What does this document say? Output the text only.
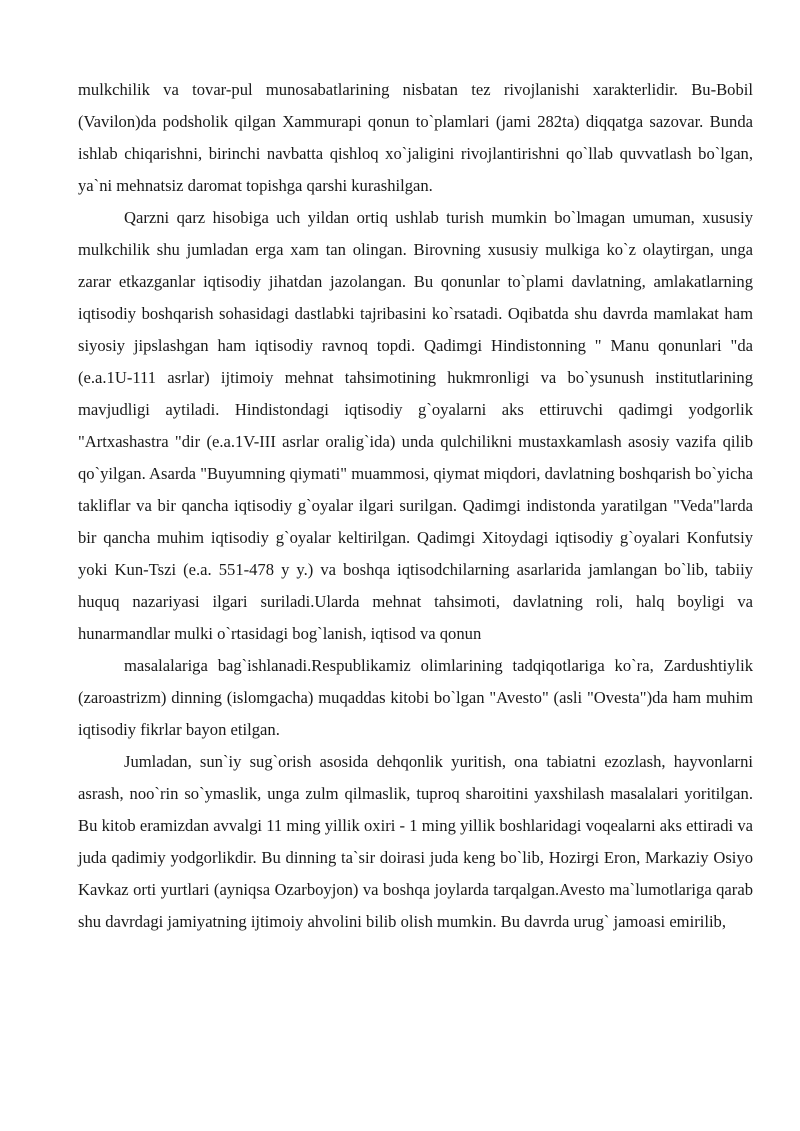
mulkchilik va tovar-pul munosabatlarining nisbatan tez rivojlanishi xarakterlidir. Bu-Bobil (Vavilon)da podsholik qilgan Xammurapi qonun to`plamlari (jami 282ta) diqqatga sazovar. Bunda ishlab chiqarishni, birinchi navbatta qishloq xo`jaligini rivojlantirishni qo`llab quvvatlash bo`lgan, ya`ni mehnatsiz daromat topishga qarshi kurashilgan.

Qarzni qarz hisobiga uch yildan ortiq ushlab turish mumkin bo`lmagan umuman, xususiy mulkchilik shu jumladan erga xam tan olingan. Birovning xususiy mulkiga ko`z olaytirgan, unga zarar etkazganlar iqtisodiy jihatdan jazolangan. Bu qonunlar to`plami davlatning, amlakatlarning iqtisodiy boshqarish sohasidagi dastlabki tajribasini ko`rsatadi. Oqibatda shu davrda mamlakat ham siyosiy jipslashgan ham iqtisodiy ravnoq topdi. Qadimgi Hindistonning " Manu qonunlari "da (e.a.1U-111 asrlar) ijtimoiy mehnat tahsimotining hukmronligi va bo`ysunush institutlarining mavjudligi aytiladi. Hindistondagi iqtisodiy g`oyalarni aks ettiruvchi qadimgi yodgorlik "Artxashastra "dir (e.a.1V-III asrlar oralig`ida) unda qulchilikni mustaxkamlash asosiy vazifa qilib qo`yilgan. Asarda "Buyumning qiymati" muammosi, qiymat miqdori, davlatning boshqarish bo`yicha takliflar va bir qancha iqtisodiy g`oyalar ilgari surilgan. Qadimgi indistonda yaratilgan "Veda"larda bir qancha muhim iqtisodiy g`oyalar keltirilgan. Qadimgi Xitoydagi iqtisodiy g`oyalari Konfutsiy yoki Kun-Tszi (e.a. 551-478 y y.) va boshqa iqtisodchilarning asarlarida jamlangan bo`lib, tabiiy huquq nazariyasi ilgari suriladi.Ularda mehnat tahsimoti, davlatning roli, halq boyligi va hunarmandlar mulki o`rtasidagi bog`lanish, iqtisod va qonun

masalalariga bag`ishlanadi.Respublikamiz olimlarining tadqiqotlariga ko`ra, Zardushtiylik (zaroastrizm) dinning (islomgacha) muqaddas kitobi bo`lgan "Avesto" (asli "Ovesta")da ham muhim iqtisodiy fikrlar bayon etilgan.

Jumladan, sun`iy sug`orish asosida dehqonlik yuritish, ona tabiatni ezozlash, hayvonlarni asrash, noo`rin so`ymaslik, unga zulm qilmaslik, tuproq sharoitini yaxshilash masalalari yoritilgan. Bu kitob eramizdan avvalgi 11 ming yillik oxiri - 1 ming yillik boshlaridagi voqealarni aks ettiradi va juda qadimiy yodgorlikdir. Bu dinning ta`sir doirasi juda keng bo`lib, Hozirgi Eron, Markaziy Osiyo Kavkaz orti yurtlari (ayniqsa Ozarboyjon) va boshqa joylarda tarqalgan.Avesto ma`lumotlariga qarab shu davrdagi jamiyatning ijtimoiy ahvolini bilib olish mumkin. Bu davrda urug` jamoasi emirilib,
